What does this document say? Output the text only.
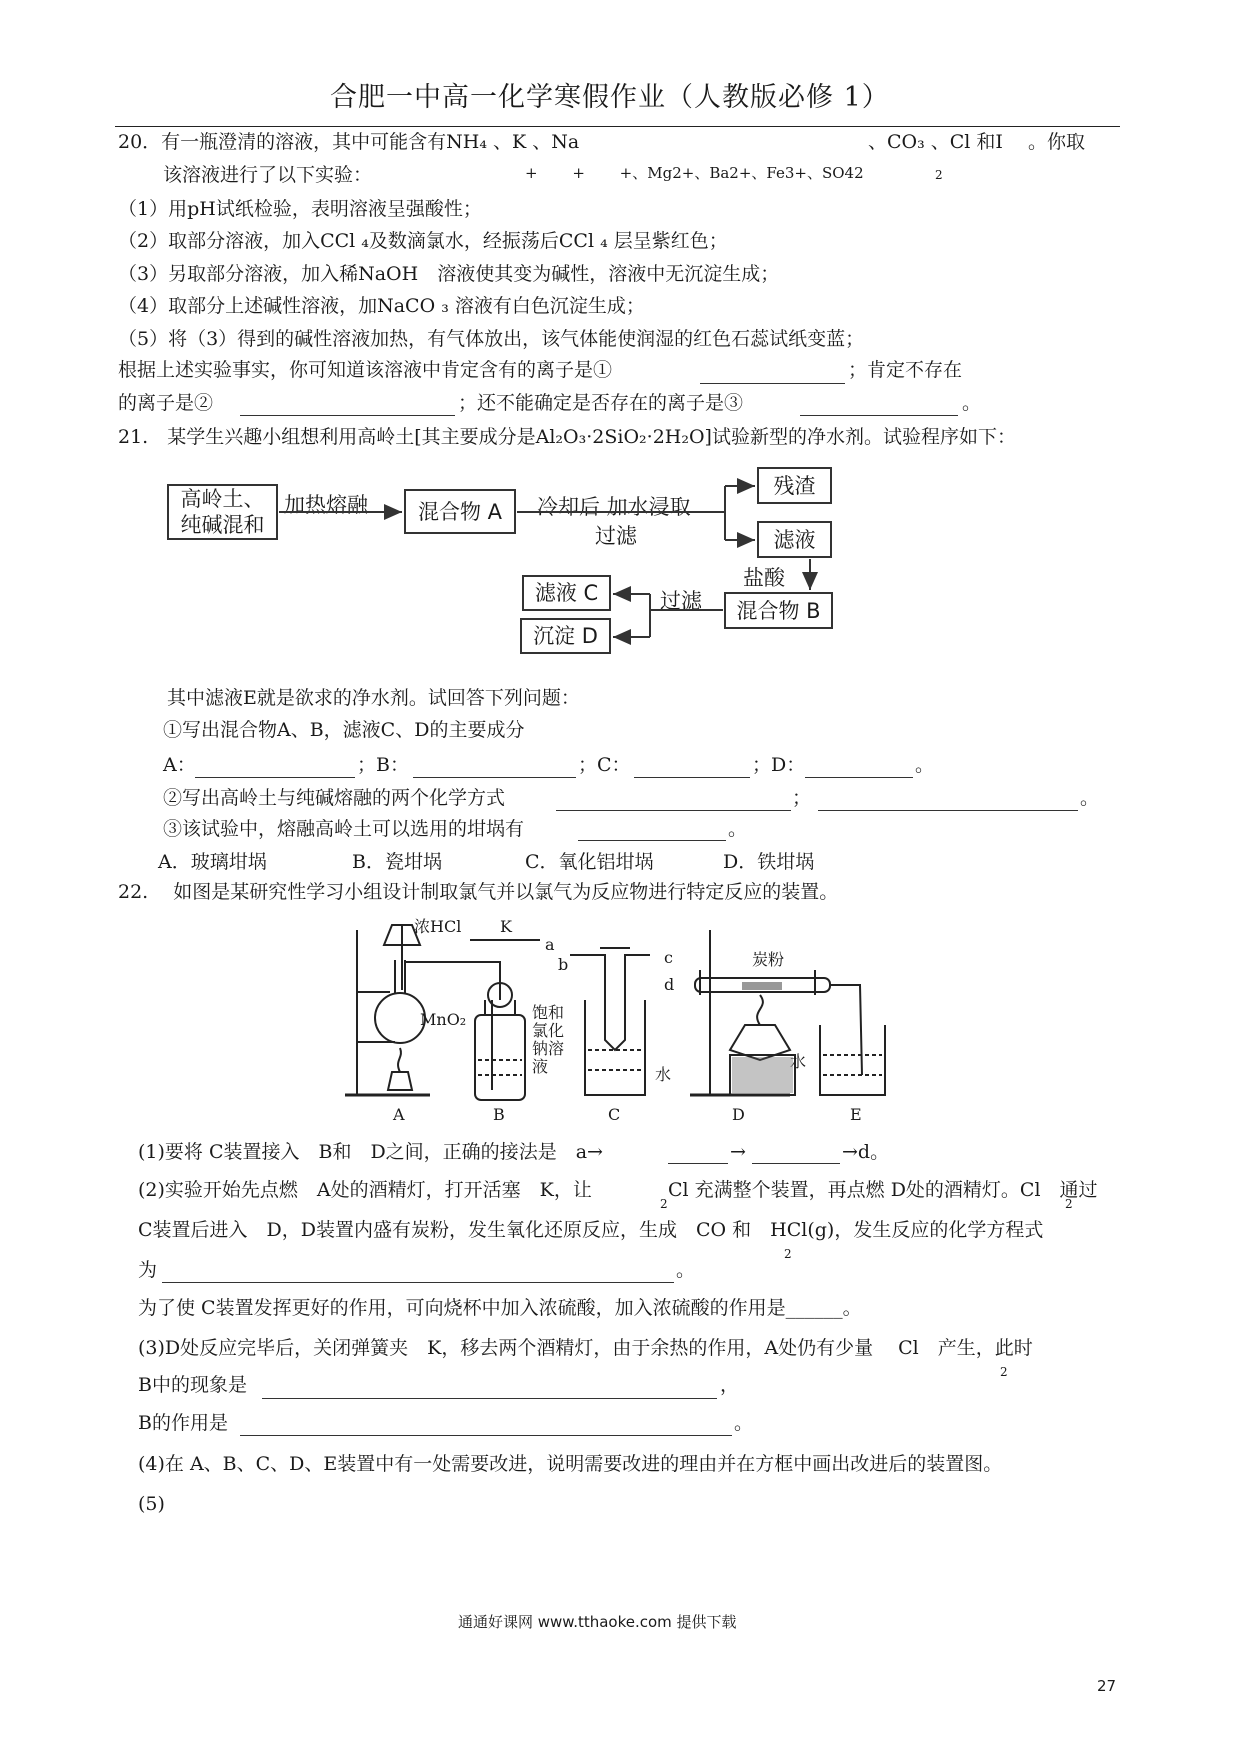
合肥一中高一化学寒假作业（人教版必修 1）
20．有一瓶澄清的溶液，其中可能含有NH₄ 、K 、Na	、CO₃ 、Cl 和I　 。你取
+　　 +　　 +、Mg2+、Ba2+、Fe3+、SO42	2
该溶液进行了以下实验：
（1）用pH试纸检验，表明溶液呈强酸性；
（2）取部分溶液，加入CCl ₄及数滴氯水，经振荡后CCl ₄ 层呈紫红色；
（3）另取部分溶液，加入稀NaOH　溶液使其变为碱性，溶液中无沉淀生成；
（4）取部分上述碱性溶液，加NaCO ₃ 溶液有白色沉淀生成；
（5）将（3）得到的碱性溶液加热，有气体放出，该气体能使润湿的红色石蕊试纸变蓝；
根据上述实验事实，你可知道该溶液中肯定含有的离子是①	；肯定不存在
的离子是②	；还不能确定是否存在的离子是③	。
21.　某学生兴趣小组想利用高岭土[其主要成分是Al₂O₃·2SiO₂·2H₂O]试验新型的净水剂。试验程序如下：
高岭土、
纯碱混和
加热熔融	混合物 A	冷却后 加水浸取
过滤
残渣
滤液
盐酸
混合物 B
过滤
滤液 C
沉淀 D
其中滤液E就是欲求的净水剂。试回答下列问题：
①写出混合物A、B，滤液C、D的主要成分
A：	；B：	；C：	；D：	。
②写出高岭土与纯碱熔融的两个化学方式	；	。
③该试验中，熔融高岭土可以选用的坩埚有	。
A．玻璃坩埚	B．瓷坩埚	C．氧化铝坩埚	D．铁坩埚
22.　 如图是某研究性学习小组设计制取氯气并以氯气为反应物进行特定反应的装置。
浓HCl K
a
b	c
d
MnO₂	饱和氯化钠溶液	水
炭粉
水
A	B	C	D	E
(1)要将 C装置接入　B和　D之间，正确的接法是　a→	→	→d。
(2)实验开始先点燃　A处的酒精灯，打开活塞　K，让
2
Cl 充满整个装置，再点燃 D处的酒精灯。Cl　通过
2
C装置后进入　D，D装置内盛有炭粉，发生氧化还原反应，生成　CO 和　HCl(g)，发生反应的化学方程式
2
为	。
为了使 C装置发挥更好的作用，可向烧杯中加入浓硫酸，加入浓硫酸的作用是______。
(3)D处反应完毕后，关闭弹簧夹　K，移去两个酒精灯，由于余热的作用，A处仍有少量　 Cl　产生，此时
2
B中的现象是	，
B的作用是	。
(4)在 A、B、C、D、E装置中有一处需要改进，说明需要改进的理由并在方框中画出改进后的装置图。
(5)
通通好课网 www.tthaoke.com 提供下载
27
